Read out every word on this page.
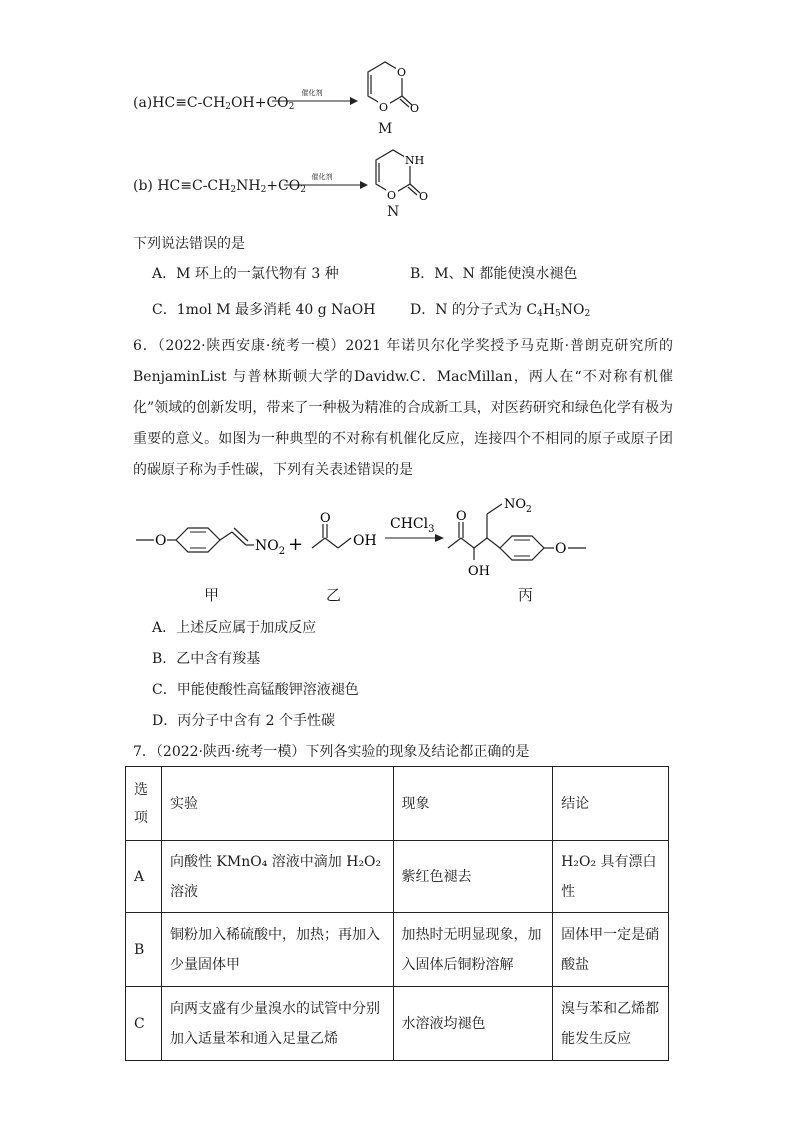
$(a)HC\equiv C-CH_2OH+CO_2$
催化剂
O
O O
M
(b) $HC\equiv C-CH_2NH_2+CO_2$
催化剂
NH
O O
N
下列说法错误的是
A．M 环上的一氯代物有 3 种	B．M、N 都能使溴水褪色
C．1mol M 最多消耗 40 g NaOH D．N 的分子式为 $C_4H_5NO_2$
6．（2022·陕西安康·统考一模）2021 年诺贝尔化学奖授予马克斯·普朗克研究所的BenjaminList 与普林斯顿大学的Davidw.C．MacMillan，两人在“不对称有机催化”领域的创新发明，带来了一种极为精准的合成新工具，对医药研究和绿色化学有极为重要的意义。如图为一种典型的不对称有机催化反应，连接四个不相同的原子或原子团的碳原子称为手性碳，下列有关表述错误的是
O	$NO_2$ +
O
OH
CHCl$_3$
O
OH
$NO_2$
O
甲	乙	丙
A．上述反应属于加成反应
B．乙中含有羧基
C．甲能使酸性高锰酸钾溶液褪色
D．丙分子中含有 2 个手性碳
7．（2022·陕西·统考一模）下列各实验的现象及结论都正确的是
选项	实验	现象	结论
A	向酸性 KMnO₄ 溶液中滴加 H₂O₂ 溶液	紫红色褪去	H₂O₂ 具有漂白性
B	铜粉加入稀硫酸中，加热；再加入少量固体甲	加热时无明显现象，加入固体后铜粉溶解	固体甲一定是硝酸盐
C	向两支盛有少量溴水的试管中分别加入适量苯和通入足量乙烯	水溶液均褪色	溴与苯和乙烯都能发生反应
